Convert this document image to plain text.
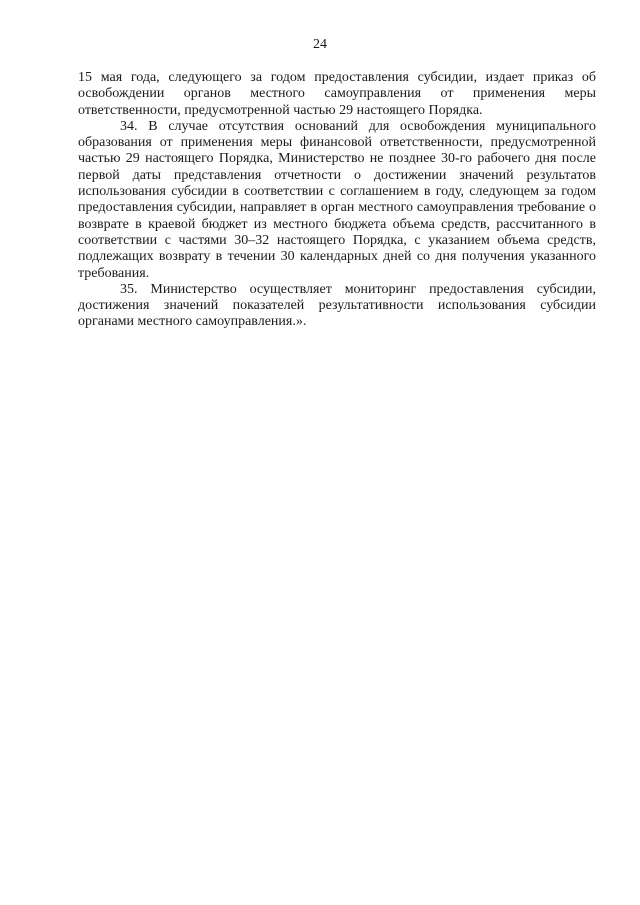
24

15 мая года, следующего за годом предоставления субсидии, издает приказ об освобождении органов местного самоуправления от применения меры ответственности, предусмотренной частью 29 настоящего Порядка.

34. В случае отсутствия оснований для освобождения муниципального образования от применения меры финансовой ответственности, предусмотренной частью 29 настоящего Порядка, Министерство не позднее 30-го рабочего дня после первой даты представления отчетности о достижении значений результатов использования субсидии в соответствии с соглашением в году, следующем за годом предоставления субсидии, направляет в орган местного самоуправления требование о возврате в краевой бюджет из местного бюджета объема средств, рассчитанного в соответствии с частями 30–32 настоящего Порядка, с указанием объема средств, подлежащих возврату в течении 30 календарных дней со дня получения указанного требования.

35. Министерство осуществляет мониторинг предоставления субсидии, достижения значений показателей результативности использования субсидии органами местного самоуправления.».
